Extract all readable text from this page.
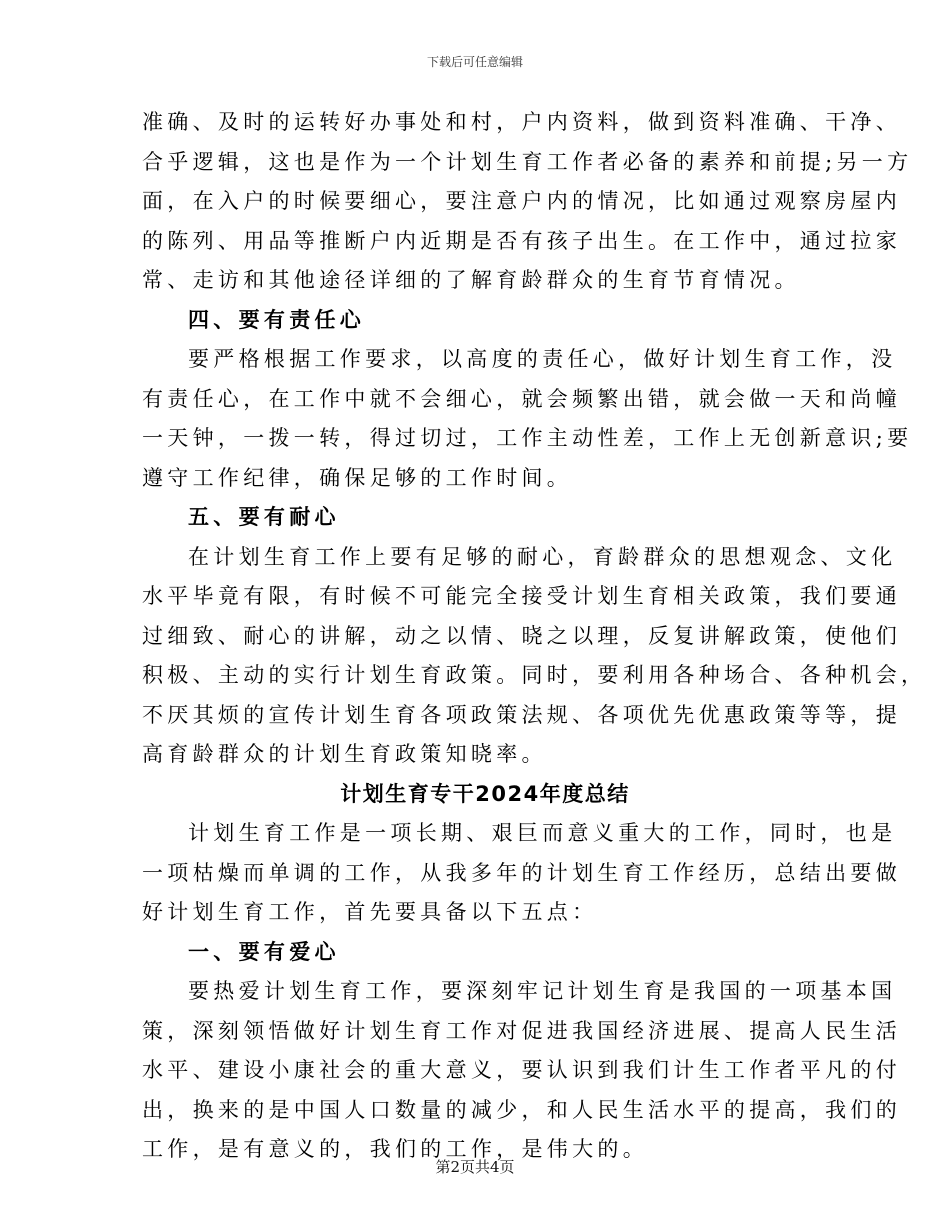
下载后可任意编辑

准确、及时的运转好办事处和村，户内资料，做到资料准确、干净、

合乎逻辑，这也是作为一个计划生育工作者必备的素养和前提;另一方

面，在入户的时候要细心，要注意户内的情况，比如通过观察房屋内

的陈列、用品等推断户内近期是否有孩子出生。在工作中，通过拉家

常、走访和其他途径详细的了解育龄群众的生育节育情况。

四、要有责任心

要严格根据工作要求，以高度的责任心，做好计划生育工作，没

有责任心，在工作中就不会细心，就会频繁出错，就会做一天和尚幢

一天钟，一拨一转，得过切过，工作主动性差，工作上无创新意识;要

遵守工作纪律，确保足够的工作时间。

五、要有耐心

在计划生育工作上要有足够的耐心，育龄群众的思想观念、文化

水平毕竟有限，有时候不可能完全接受计划生育相关政策，我们要通

过细致、耐心的讲解，动之以情、晓之以理，反复讲解政策，使他们

积极、主动的实行计划生育政策。同时，要利用各种场合、各种机会，

不厌其烦的宣传计划生育各项政策法规、各项优先优惠政策等等，提

高育龄群众的计划生育政策知晓率。

计划生育专干2024年度总结

计划生育工作是一项长期、艰巨而意义重大的工作，同时，也是

一项枯燥而单调的工作，从我多年的计划生育工作经历，总结出要做

好计划生育工作，首先要具备以下五点：

一、要有爱心

要热爱计划生育工作，要深刻牢记计划生育是我国的一项基本国

策，深刻领悟做好计划生育工作对促进我国经济进展、提高人民生活

水平、建设小康社会的重大意义，要认识到我们计生工作者平凡的付

出，换来的是中国人口数量的减少，和人民生活水平的提高，我们的

工作，是有意义的，我们的工作，是伟大的。

第2页共4页
